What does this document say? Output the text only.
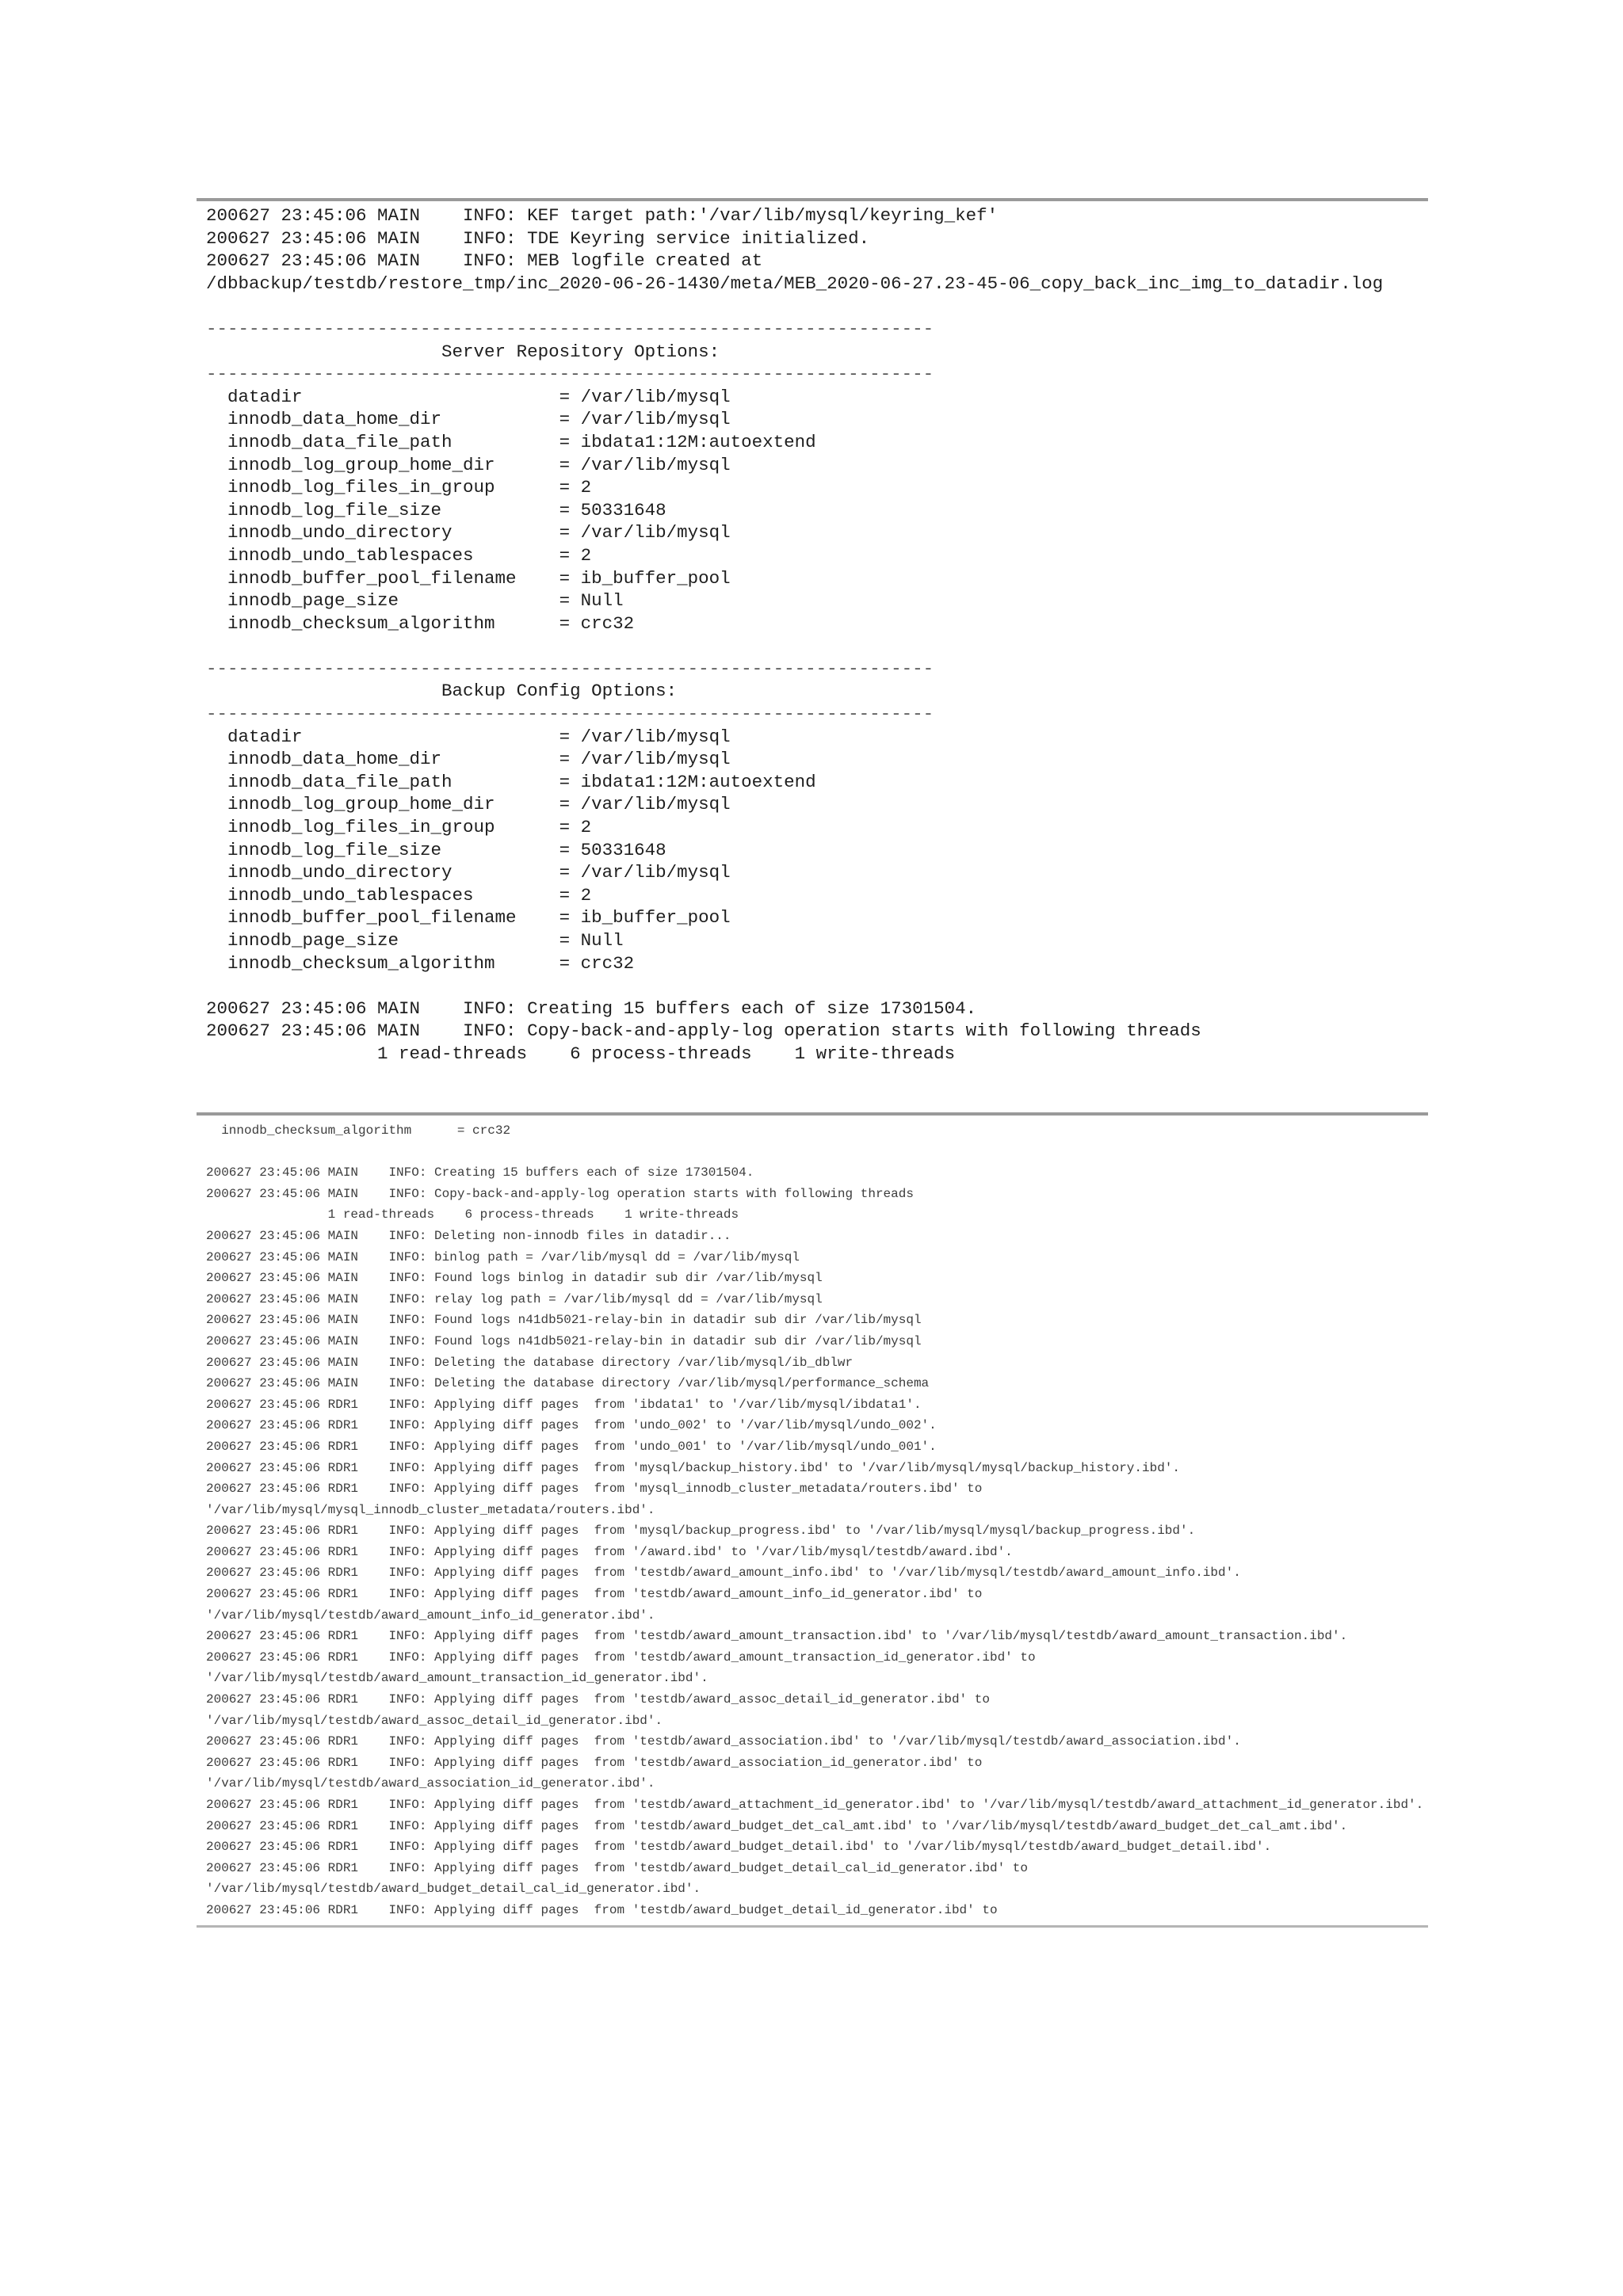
200627 23:45:06 MAIN    INFO: KEF target path:'/var/lib/mysql/keyring_kef'
200627 23:45:06 MAIN    INFO: TDE Keyring service initialized.
200627 23:45:06 MAIN    INFO: MEB logfile created at
/dbbackup/testdb/restore_tmp/inc_2020-06-26-1430/meta/MEB_2020-06-27.23-45-06_copy_back_inc_img_to_datadir.log
--------------------------------------------------------------------
Server Repository Options:
--------------------------------------------------------------------
datadir                        = /var/lib/mysql
innodb_data_home_dir           = /var/lib/mysql
innodb_data_file_path          = ibdata1:12M:autoextend
innodb_log_group_home_dir      = /var/lib/mysql
innodb_log_files_in_group      = 2
innodb_log_file_size           = 50331648
innodb_undo_directory          = /var/lib/mysql
innodb_undo_tablespaces        = 2
innodb_buffer_pool_filename    = ib_buffer_pool
innodb_page_size               = Null
innodb_checksum_algorithm      = crc32
--------------------------------------------------------------------
Backup Config Options:
--------------------------------------------------------------------
datadir                        = /var/lib/mysql
innodb_data_home_dir           = /var/lib/mysql
innodb_data_file_path          = ibdata1:12M:autoextend
innodb_log_group_home_dir      = /var/lib/mysql
innodb_log_files_in_group      = 2
innodb_log_file_size           = 50331648
innodb_undo_directory          = /var/lib/mysql
innodb_undo_tablespaces        = 2
innodb_buffer_pool_filename    = ib_buffer_pool
innodb_page_size               = Null
innodb_checksum_algorithm      = crc32
200627 23:45:06 MAIN    INFO: Creating 15 buffers each of size 17301504.
200627 23:45:06 MAIN    INFO: Copy-back-and-apply-log operation starts with following threads
1 read-threads    6 process-threads    1 write-threads
innodb_checksum_algorithm      = crc32
200627 23:45:06 MAIN    INFO: Creating 15 buffers each of size 17301504.
200627 23:45:06 MAIN    INFO: Copy-back-and-apply-log operation starts with following threads
1 read-threads    6 process-threads    1 write-threads
200627 23:45:06 MAIN    INFO: Deleting non-innodb files in datadir...
200627 23:45:06 MAIN    INFO: binlog path = /var/lib/mysql dd = /var/lib/mysql
200627 23:45:06 MAIN    INFO: Found logs binlog in datadir sub dir /var/lib/mysql
200627 23:45:06 MAIN    INFO: relay log path = /var/lib/mysql dd = /var/lib/mysql
200627 23:45:06 MAIN    INFO: Found logs n41db5021-relay-bin in datadir sub dir /var/lib/mysql
200627 23:45:06 MAIN    INFO: Found logs n41db5021-relay-bin in datadir sub dir /var/lib/mysql
200627 23:45:06 MAIN    INFO: Deleting the database directory /var/lib/mysql/ib_dblwr
200627 23:45:06 MAIN    INFO: Deleting the database directory /var/lib/mysql/performance_schema
200627 23:45:06 RDR1    INFO: Applying diff pages  from 'ibdata1' to '/var/lib/mysql/ibdata1'.
200627 23:45:06 RDR1    INFO: Applying diff pages  from 'undo_002' to '/var/lib/mysql/undo_002'.
200627 23:45:06 RDR1    INFO: Applying diff pages  from 'undo_001' to '/var/lib/mysql/undo_001'.
200627 23:45:06 RDR1    INFO: Applying diff pages  from 'mysql/backup_history.ibd' to '/var/lib/mysql/mysql/backup_history.ibd'.
200627 23:45:06 RDR1    INFO: Applying diff pages  from 'mysql_innodb_cluster_metadata/routers.ibd' to
'/var/lib/mysql/mysql_innodb_cluster_metadata/routers.ibd'.
200627 23:45:06 RDR1    INFO: Applying diff pages  from 'mysql/backup_progress.ibd' to '/var/lib/mysql/mysql/backup_progress.ibd'.
200627 23:45:06 RDR1    INFO: Applying diff pages  from '/award.ibd' to '/var/lib/mysql/testdb/award.ibd'.
200627 23:45:06 RDR1    INFO: Applying diff pages  from 'testdb/award_amount_info.ibd' to '/var/lib/mysql/testdb/award_amount_info.ibd'.
200627 23:45:06 RDR1    INFO: Applying diff pages  from 'testdb/award_amount_info_id_generator.ibd' to
'/var/lib/mysql/testdb/award_amount_info_id_generator.ibd'.
200627 23:45:06 RDR1    INFO: Applying diff pages  from 'testdb/award_amount_transaction.ibd' to '/var/lib/mysql/testdb/award_amount_transaction.ibd'.
200627 23:45:06 RDR1    INFO: Applying diff pages  from 'testdb/award_amount_transaction_id_generator.ibd' to
'/var/lib/mysql/testdb/award_amount_transaction_id_generator.ibd'.
200627 23:45:06 RDR1    INFO: Applying diff pages  from 'testdb/award_assoc_detail_id_generator.ibd' to
'/var/lib/mysql/testdb/award_assoc_detail_id_generator.ibd'.
200627 23:45:06 RDR1    INFO: Applying diff pages  from 'testdb/award_association.ibd' to '/var/lib/mysql/testdb/award_association.ibd'.
200627 23:45:06 RDR1    INFO: Applying diff pages  from 'testdb/award_association_id_generator.ibd' to
'/var/lib/mysql/testdb/award_association_id_generator.ibd'.
200627 23:45:06 RDR1    INFO: Applying diff pages  from 'testdb/award_attachment_id_generator.ibd' to '/var/lib/mysql/testdb/award_attachment_id_generator.ibd'.
200627 23:45:06 RDR1    INFO: Applying diff pages  from 'testdb/award_budget_det_cal_amt.ibd' to '/var/lib/mysql/testdb/award_budget_det_cal_amt.ibd'.
200627 23:45:06 RDR1    INFO: Applying diff pages  from 'testdb/award_budget_detail.ibd' to '/var/lib/mysql/testdb/award_budget_detail.ibd'.
200627 23:45:06 RDR1    INFO: Applying diff pages  from 'testdb/award_budget_detail_cal_id_generator.ibd' to
'/var/lib/mysql/testdb/award_budget_detail_cal_id_generator.ibd'.
200627 23:45:06 RDR1    INFO: Applying diff pages  from 'testdb/award_budget_detail_id_generator.ibd' to
